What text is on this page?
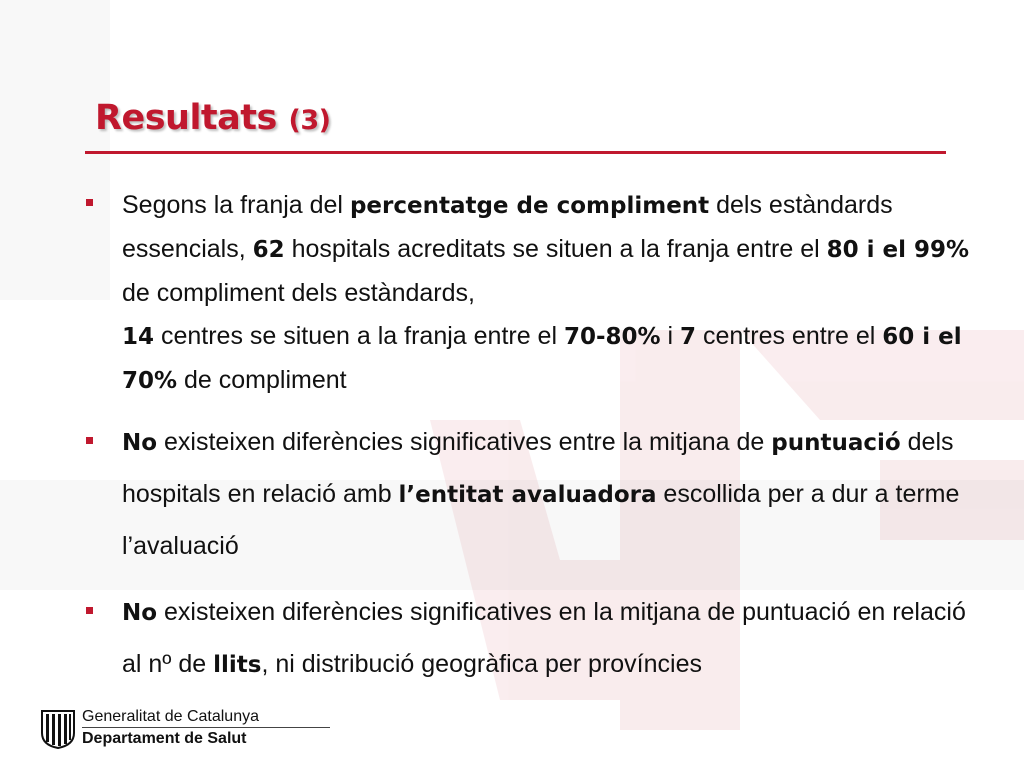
Resultats (3)

Segons la franja del percentatge de compliment dels estàndards essencials, 62 hospitals acreditats se situen a la franja entre el 80 i el 99% de compliment dels estàndards,
14 centres se situen a la franja entre el 70-80% i 7 centres entre el 60 i el 70% de compliment

No existeixen diferències significatives entre la mitjana de puntuació dels hospitals en relació amb l’entitat avaluadora escollida per a dur a terme l’avaluació

No existeixen diferències significatives en la mitjana de puntuació en relació al nº de llits, ni distribució geogràfica per províncies

Generalitat de Catalunya
Departament de Salut
